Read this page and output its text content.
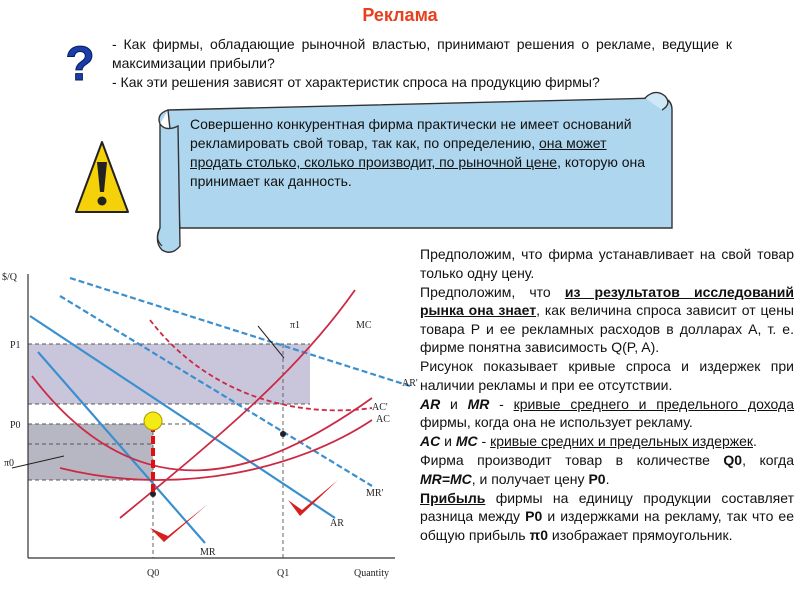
Реклама
? - Как фирмы, обладающие рыночной властью, принимают решения о рекламе, ведущие к максимизации прибыли?

- Как эти решения зависят от характеристик спроса на продукцию фирмы?

Совершенно конкурентная фирма практически не имеет оснований рекламировать свой товар, так как, по определению, она может продать столько, сколько производит, по рыночной цене, которую она принимает как данность.
$/Q
Quantity
P1
P0
π0
Q0	Q1
MC
AR'
AC'
AC
MR'
AR
MR
π1

Предположим, что фирма устанавливает на свой товар только одну цену.

Предположим, что из результатов исследований рынка она знает, как величина спроса зависит от цены товара P и ее рекламных расходов в долларах A, т. е. фирме понятна зависимость Q(P, A).

Рисунок показывает кривые спроса и издержек при наличии рекламы и при ее отсутствии.

AR и MR - кривые среднего и предельного дохода фирмы, когда она не использует рекламу.

AC и MC - кривые средних и предельных издержек.

Фирма производит товар в количестве Q0, когда MR=MC, и получает цену P0.

Прибыль фирмы на единицу продукции составляет разница между P0 и издержками на рекламу, так что ее общую прибыль π0 изображает прямоугольник.
